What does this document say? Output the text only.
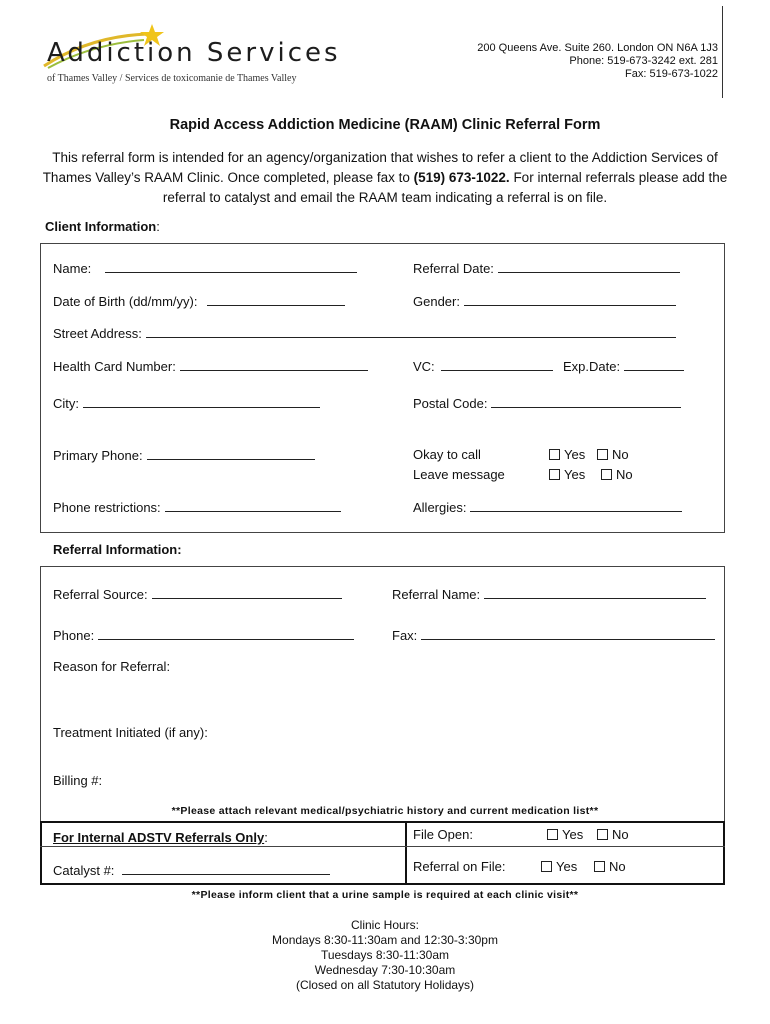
Addiction Services
of Thames Valley / Services de toxicomanie de Thames Valley
200 Queens Ave. Suite 260. London ON N6A 1J3
Phone: 519-673-3242 ext. 281
Fax: 519-673-1022
Rapid Access Addiction Medicine (RAAM) Clinic Referral Form
This referral form is intended for an agency/organization that wishes to refer a client to the Addiction Services of Thames Valley’s RAAM Clinic. Once completed, please fax to (519) 673-1022. For internal referrals please add the referral to catalyst and email the RAAM team indicating a referral is on file.
Client Information:
Name:	Referral Date:
Date of Birth (dd/mm/yy):	Gender:
Street Address:
Health Card Number:	VC:	Exp.Date:
City:	Postal Code:
Primary Phone:	Okay to call	Yes	No
Leave message	Yes	No
Phone restrictions:	Allergies:
Referral Information:
Referral Source:	Referral Name:
Phone:	Fax:
Reason for Referral:
Treatment Initiated (if any):
Billing #:
**Please attach relevant medical/psychiatric history and current medication list**
For Internal ADSTV Referrals Only:	File Open:	Yes	No
Catalyst #:	Referral on File:	Yes	No
**Please inform client that a urine sample is required at each clinic visit**
Clinic Hours:
Mondays 8:30-11:30am and 12:30-3:30pm
Tuesdays 8:30-11:30am
Wednesday 7:30-10:30am
(Closed on all Statutory Holidays)
